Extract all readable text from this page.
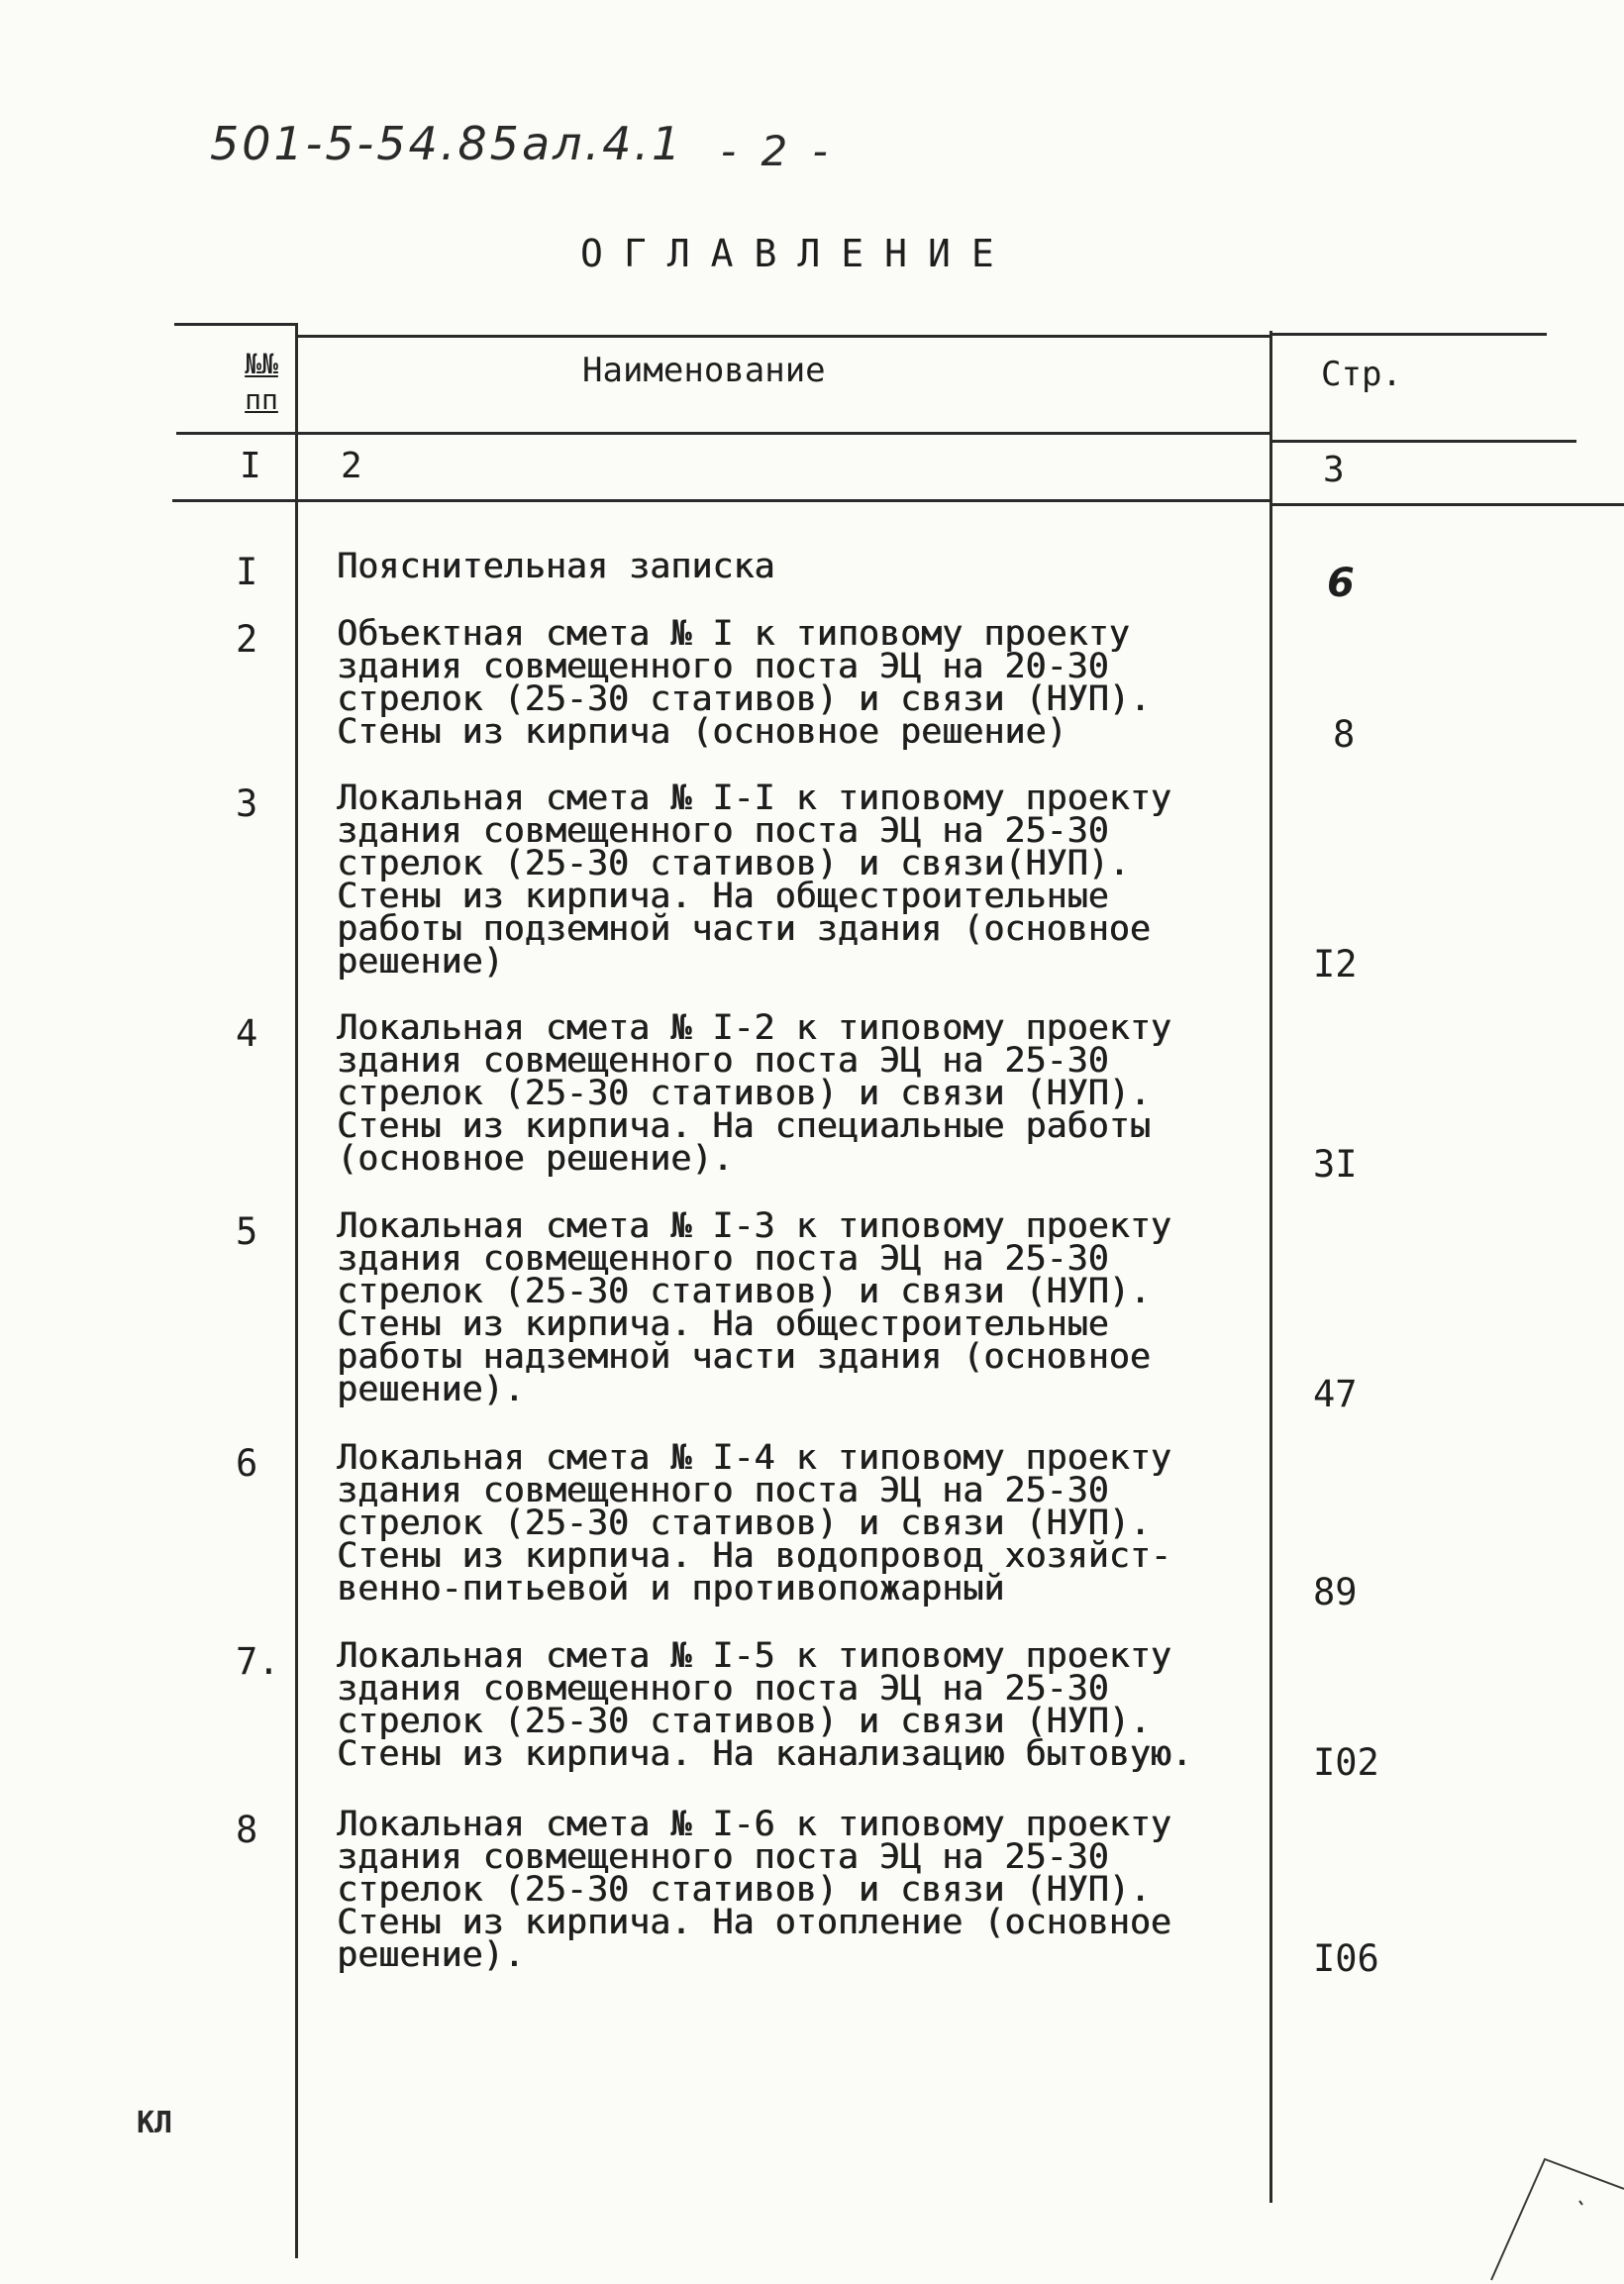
501-5-54.85ал.4.1 - 2 -
ОГЛАВЛЕНИЕ
№№ пп
Наименование	Стр.
I 2	3
I Пояснительная записка	6
2 Объектная смета № I к типовому проекту
здания совмещенного поста ЭЦ на 20-30
стрелок (25-30 стативов) и связи (НУП).
Стены из кирпича (основное решение)	8
3 Локальная смета № I-I к типовому проекту
здания совмещенного поста ЭЦ на 25-30
стрелок (25-30 стативов) и связи(НУП).
Стены из кирпича. На общестроительные
работы подземной части здания (основное
решение)	I2
4 Локальная смета № I-2 к типовому проекту
здания совмещенного поста ЭЦ на 25-30
стрелок (25-30 стативов) и связи (НУП).
Стены из кирпича. На специальные работы
(основное решение).	3I
5 Локальная смета № I-3 к типовому проекту
здания совмещенного поста ЭЦ на 25-30
стрелок (25-30 стативов) и связи (НУП).
Стены из кирпича. На общестроительные
работы надземной части здания (основное
решение).	47
6 Локальная смета № I-4 к типовому проекту
здания совмещенного поста ЭЦ на 25-30
стрелок (25-30 стативов) и связи (НУП).
Стены из кирпича. На водопровод хозяйст-
венно-питьевой и противопожарный	89
7. Локальная смета № I-5 к типовому проекту
здания совмещенного поста ЭЦ на 25-30
стрелок (25-30 стативов) и связи (НУП).
Стены из кирпича. На канализацию бытовую.	I02
8 Локальная смета № I-6 к типовому проекту
здания совмещенного поста ЭЦ на 25-30
стрелок (25-30 стативов) и связи (НУП).
Стены из кирпича. На отопление (основное
решение).	I06
КЛ
